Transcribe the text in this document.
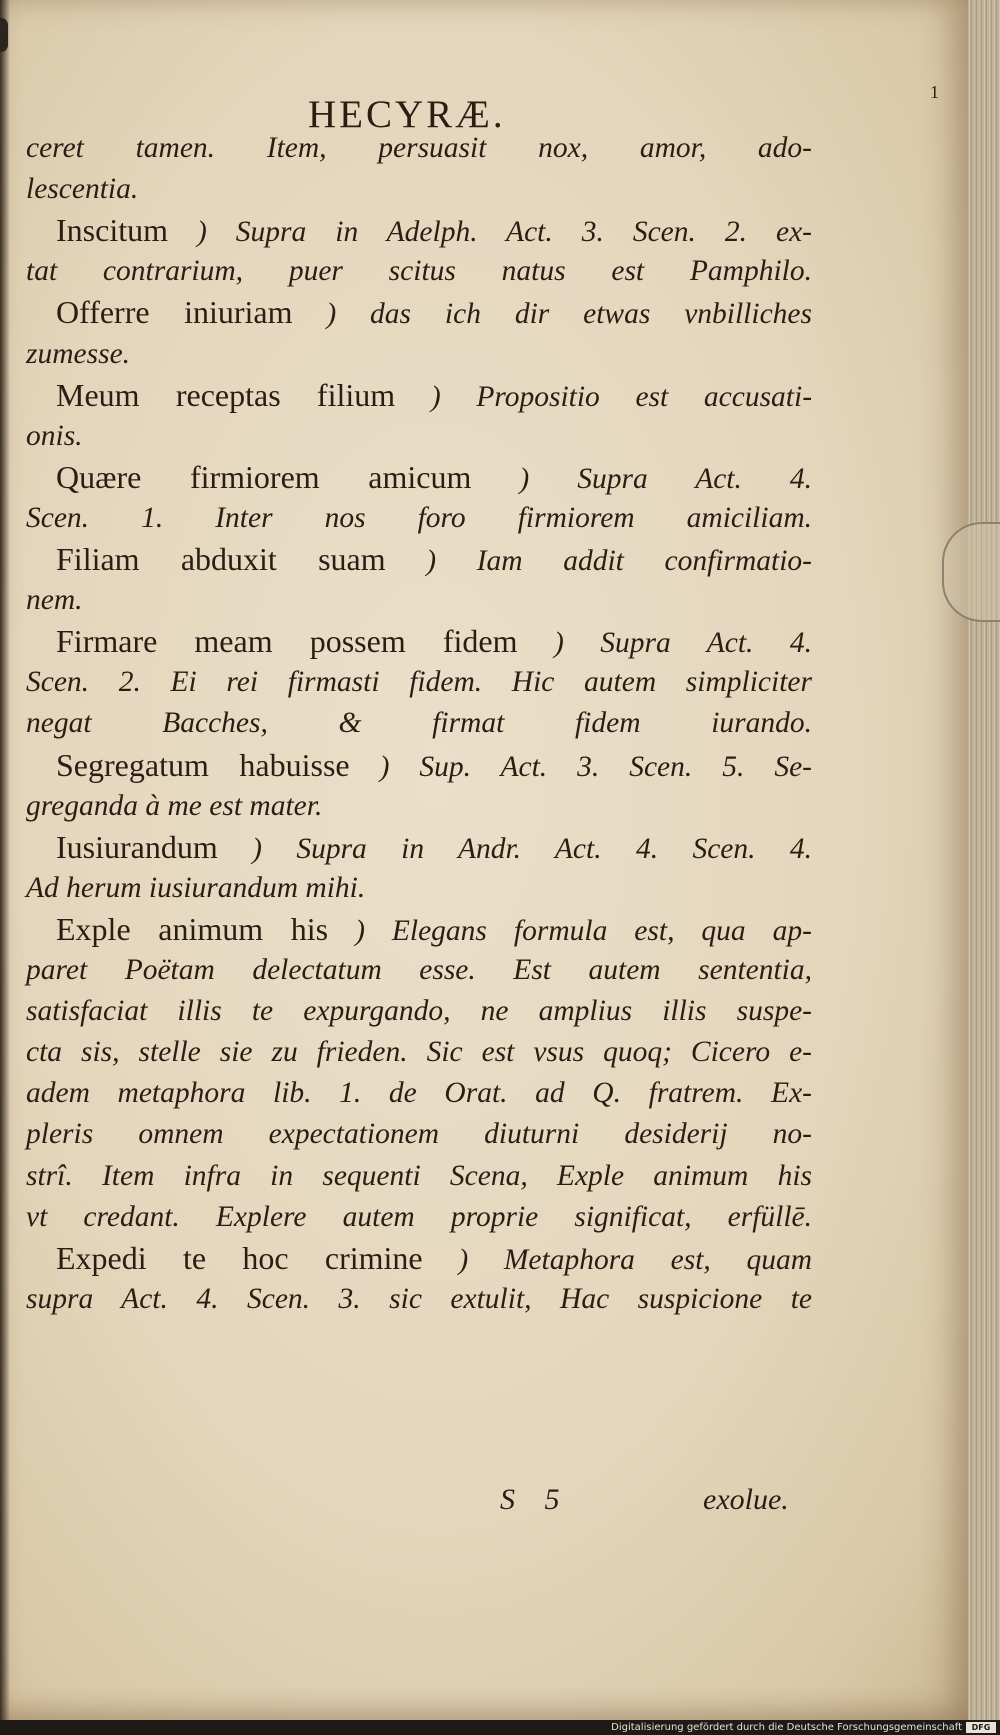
HECYRÆ.
1
ceret tamen. Item, persuasit nox, amor, ado-
lescentia.
Inscitum ) Supra in Adelph. Act. 3. Scen. 2. ex-
tat contrarium, puer scitus natus est Pamphilo.
Offerre iniuriam ) das ich dir etwas vnbilliches
zumesse.
Meum receptas filium ) Propositio est accusati-
onis.
Quære firmiorem amicum ) Supra Act. 4.
Scen. 1. Inter nos foro firmiorem amiciliam.
Filiam abduxit suam ) Iam addit confirmatio-
nem.
Firmare meam possem fidem ) Supra Act. 4.
Scen. 2. Ei rei firmasti fidem. Hic autem simpliciter
negat Bacches, & firmat fidem iurando.
Segregatum habuisse ) Sup. Act. 3. Scen. 5. Se-
greganda à me est mater.
Iusiurandum ) Supra in Andr. Act. 4. Scen. 4.
Ad herum iusiurandum mihi.
Exple animum his ) Elegans formula est, qua ap-
paret Poëtam delectatum esse. Est autem sententia,
satisfaciat illis te expurgando, ne amplius illis suspe-
cta sis, stelle sie zu frieden. Sic est vsus quoq; Cicero e-
adem metaphora lib. 1. de Orat. ad Q. fratrem. Ex-
pleris omnem expectationem diuturni desiderij no-
strî. Item infra in sequenti Scena, Exple animum his
vt credant. Explere autem proprie significat, erfüllē.
Expedi te hoc crimine ) Metaphora est, quam
supra Act. 4. Scen. 3. sic extulit, Hac suspicione te
S 5	exolue.
Digitalisierung gefördert durch die Deutsche Forschungsgemeinschaft	DFG
